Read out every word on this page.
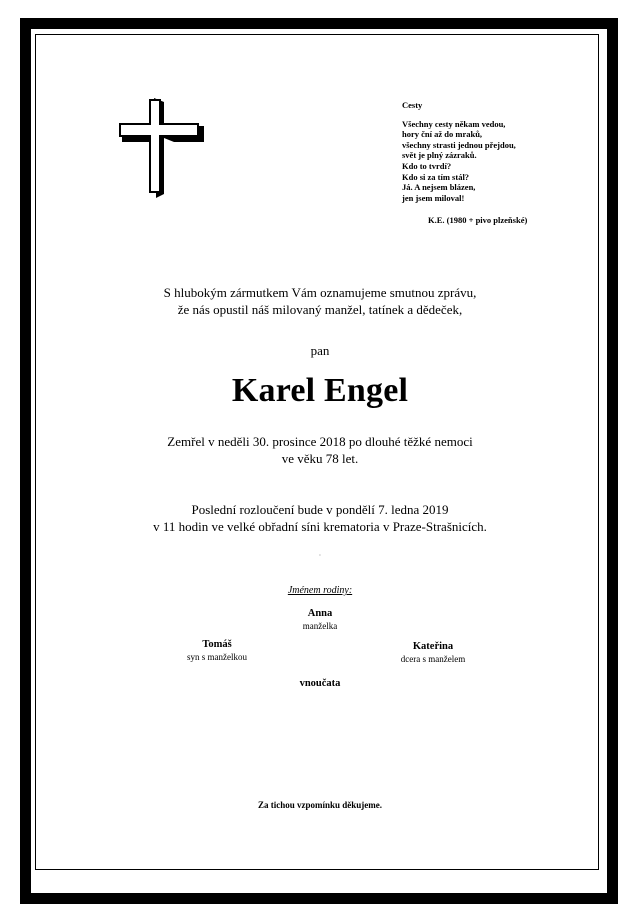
Cesty
Všechny cesty někam vedou,
hory ční až do mraků,
všechny strasti jednou přejdou,
svět je plný zázraků.
Kdo to tvrdí?
Kdo si za tím stál?
Já. A nejsem blázen,
jen jsem miloval!
K.E. (1980 + pivo plzeňské)
S hlubokým zármutkem Vám oznamujeme smutnou zprávu,
že nás opustil náš milovaný manžel, tatínek a dědeček,
pan
Karel Engel
Zemřel v neděli 30. prosince 2018 po dlouhé těžké nemoci
ve věku 78 let.
Poslední rozloučení bude v pondělí 7. ledna 2019
v 11 hodin ve velké obřadní síni krematoria v Praze-Strašnicích.
·
Jménem rodiny:
Anna
manželka
Tomáš
syn s manželkou
Kateřina
dcera s manželem
vnoučata
Za tichou vzpomínku děkujeme.
